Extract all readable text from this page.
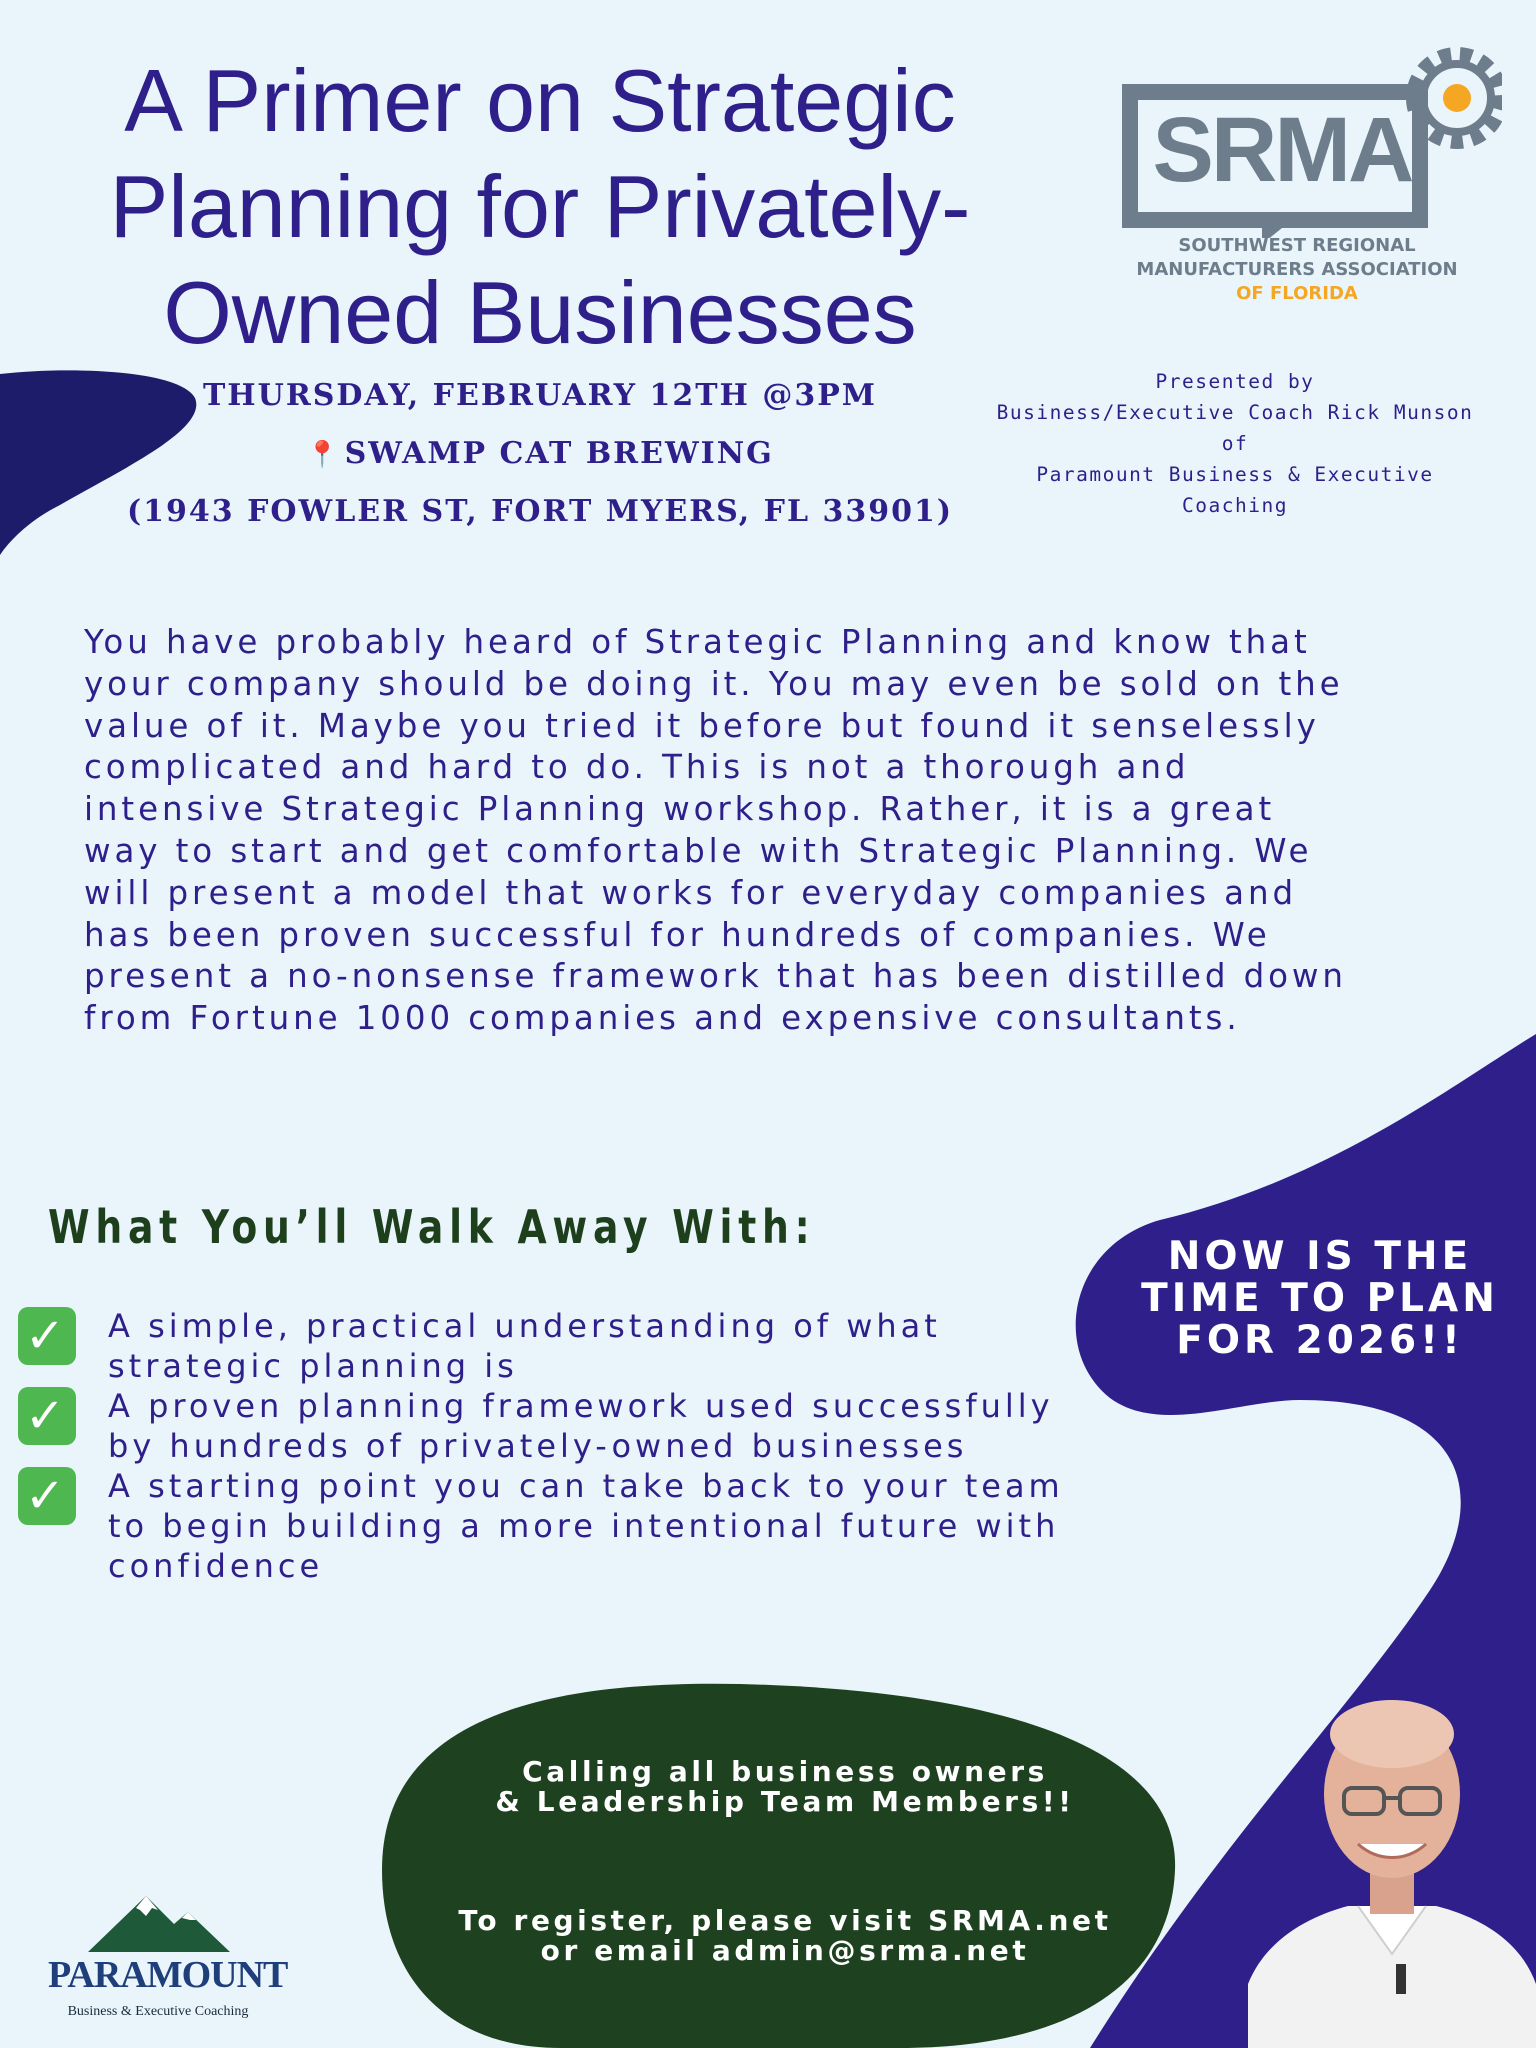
A Primer on Strategic
Planning for Privately-
Owned Businesses
THURSDAY, FEBRUARY 12TH @3PM
📍 SWAMP CAT BREWING
(1943 FOWLER ST, FORT MYERS, FL 33901)
SRMA
SOUTHWEST REGIONAL
MANUFACTURERS ASSOCIATION
OF FLORIDA
Presented by
Business/Executive Coach Rick Munson of
Paramount Business & Executive Coaching
You have probably heard of Strategic Planning and know that
your company should be doing it. You may even be sold on the
value of it. Maybe you tried it before but found it senselessly
complicated and hard to do. This is not a thorough and
intensive Strategic Planning workshop. Rather, it is a great
way to start and get comfortable with Strategic Planning. We
will present a model that works for everyday companies and
has been proven successful for hundreds of companies. We
present a no-nonsense framework that has been distilled down
from Fortune 1000 companies and expensive consultants.
What You’ll Walk Away With:
✓ A simple, practical understanding of what
strategic planning is
✓ A proven planning framework used successfully
by hundreds of privately-owned businesses
✓ A starting point you can take back to your team
to begin building a more intentional future with
confidence
NOW IS THE
TIME TO PLAN
FOR 2026!!
Calling all business owners
& Leadership Team Members!!
To register, please visit SRMA.net
or email admin@srma.net
PARAMOUNT
Business & Executive Coaching
